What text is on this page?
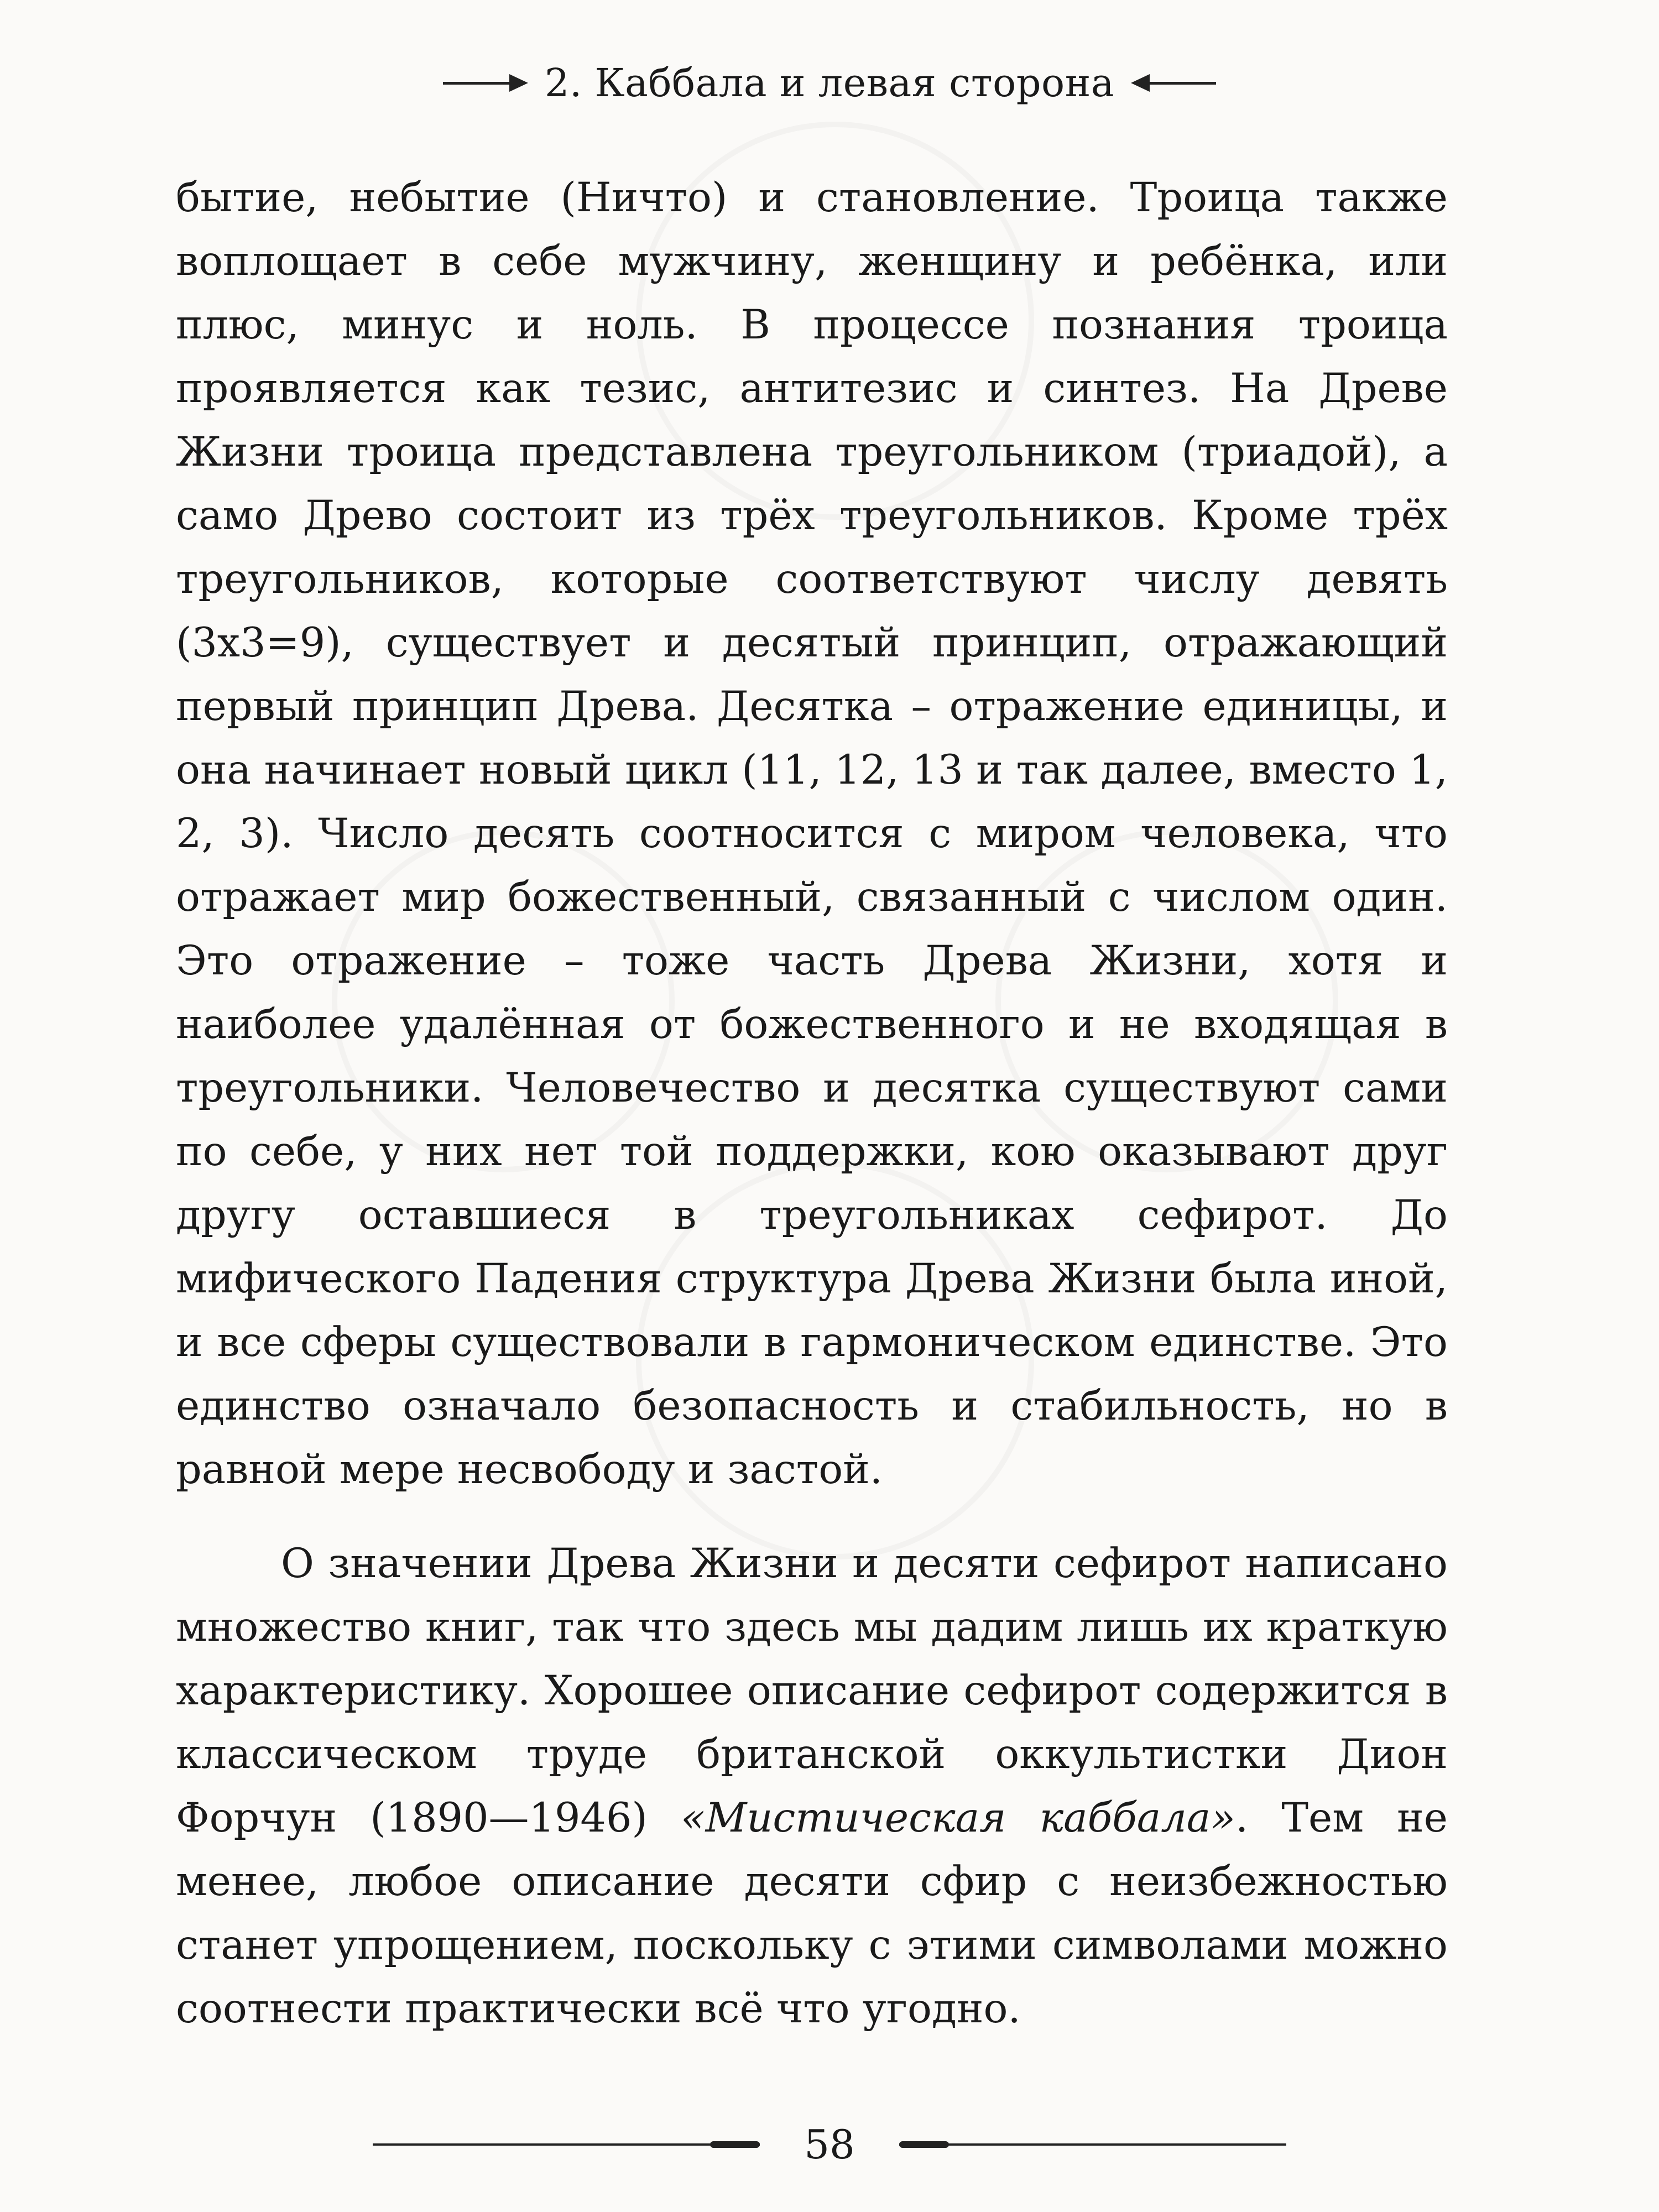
2. Каббала и левая сторона

бытие, небытие (Ничто) и становление. Троица также воплощает в себе мужчину, женщину и ребёнка, или плюс, минус и ноль. В процессе познания троица проявляется как тезис, антитезис и синтез. На Древе Жизни троица представлена треугольником (триадой), а само Древо состоит из трёх треугольников. Кроме трёх треугольников, которые соответствуют числу девять (3х3=9), существует и десятый принцип, отражающий первый принцип Древа. Десятка – отражение единицы, и она начинает новый цикл (11, 12, 13 и так далее, вместо 1, 2, 3). Число десять соотносится с миром человека, что отражает мир божественный, связанный с числом один. Это отражение – тоже часть Древа Жизни, хотя и наиболее удалённая от божественного и не входящая в треугольники. Человечество и десятка существуют сами по себе, у них нет той поддержки, кою оказывают друг другу оставшиеся в треугольниках сефирот. До мифического Падения структура Древа Жизни была иной, и все сферы существовали в гармоническом единстве. Это единство означало безопасность и стабильность, но в равной мере несвободу и застой.

О значении Древа Жизни и десяти сефирот написано множество книг, так что здесь мы дадим лишь их краткую характеристику. Хорошее описание сефирот содержится в классическом труде британской оккультистки Дион Форчун (1890—1946) «Мистическая каббала». Тем не менее, любое описание десяти сфир с неизбежностью станет упрощением, поскольку с этими символами можно соотнести практически всё что угодно.

58
